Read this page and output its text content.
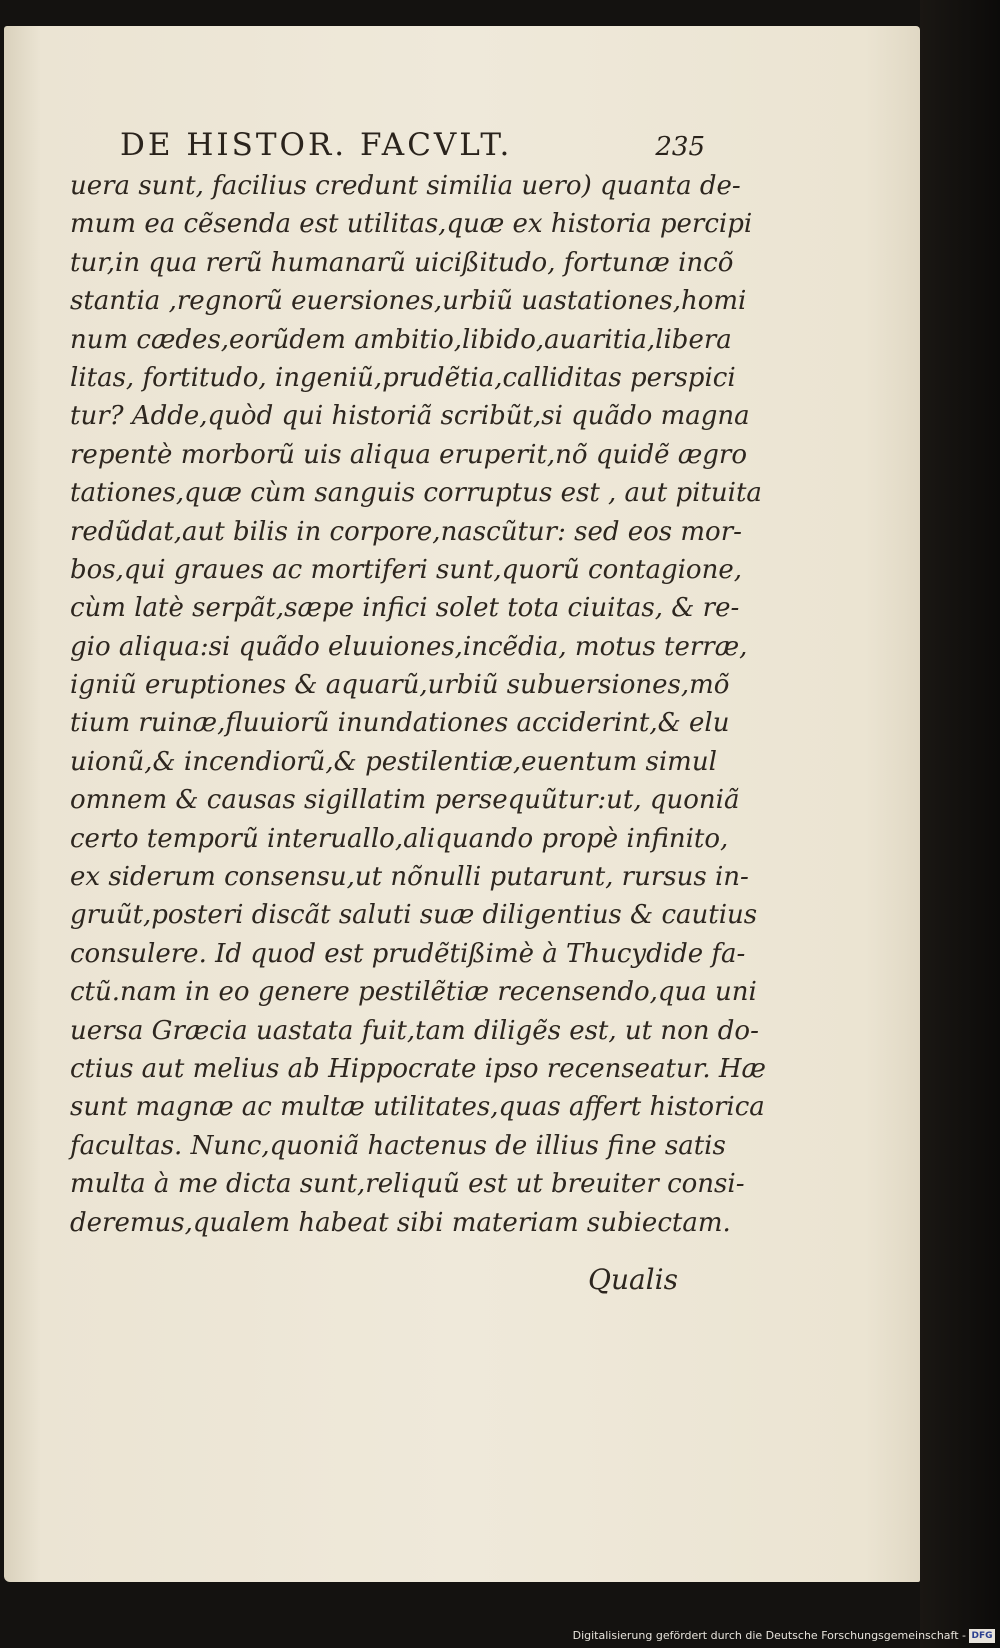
DE HISTOR. FACVLT.	235
uera sunt, facilius credunt similia uero) quanta de-
mum ea cẽsenda est utilitas,quæ ex historia percipi
tur,in qua rerũ humanarũ uicißitudo, fortunæ incõ
stantia ,regnorũ euersiones,urbiũ uastationes,homi
num cædes,eorũdem ambitio,libido,auaritia,libera
litas, fortitudo, ingeniũ,prudẽtia,calliditas perspici
tur? Adde,quòd qui historiã scribũt,si quãdo magna
repentè morborũ uis aliqua eruperit,nõ quidẽ ægro
tationes,quæ cùm sanguis corruptus est , aut pituita
redũdat,aut bilis in corpore,nascũtur: sed eos mor-
bos,qui graues ac mortiferi sunt,quorũ contagione,
cùm latè serpãt,sæpe infici solet tota ciuitas, & re-
gio aliqua:si quãdo eluuiones,incẽdia, motus terræ,
igniũ eruptiones & aquarũ,urbiũ subuersiones,mõ
tium ruinæ,fluuiorũ inundationes acciderint,& elu
uionũ,& incendiorũ,& pestilentiæ,euentum simul
omnem & causas sigillatim persequũtur:ut, quoniã
certo temporũ interuallo,aliquando propè infinito,
ex siderum consensu,ut nõnulli putarunt, rursus in-
gruũt,posteri discãt saluti suæ diligentius & cautius
consulere. Id quod est prudẽtißimè à Thucydide fa-
ctũ.nam in eo genere pestilẽtiæ recensendo,qua uni
uersa Græcia uastata fuit,tam diligẽs est, ut non do-
ctius aut melius ab Hippocrate ipso recenseatur. Hæ
sunt magnæ ac multæ utilitates,quas affert historica
facultas. Nunc,quoniã hactenus de illius fine satis
multa à me dicta sunt,reliquũ est ut breuiter consi-
deremus,qualem habeat sibi materiam subiectam.
Qualis
Digitalisierung gefördert durch die Deutsche Forschungsgemeinschaft - DFG
